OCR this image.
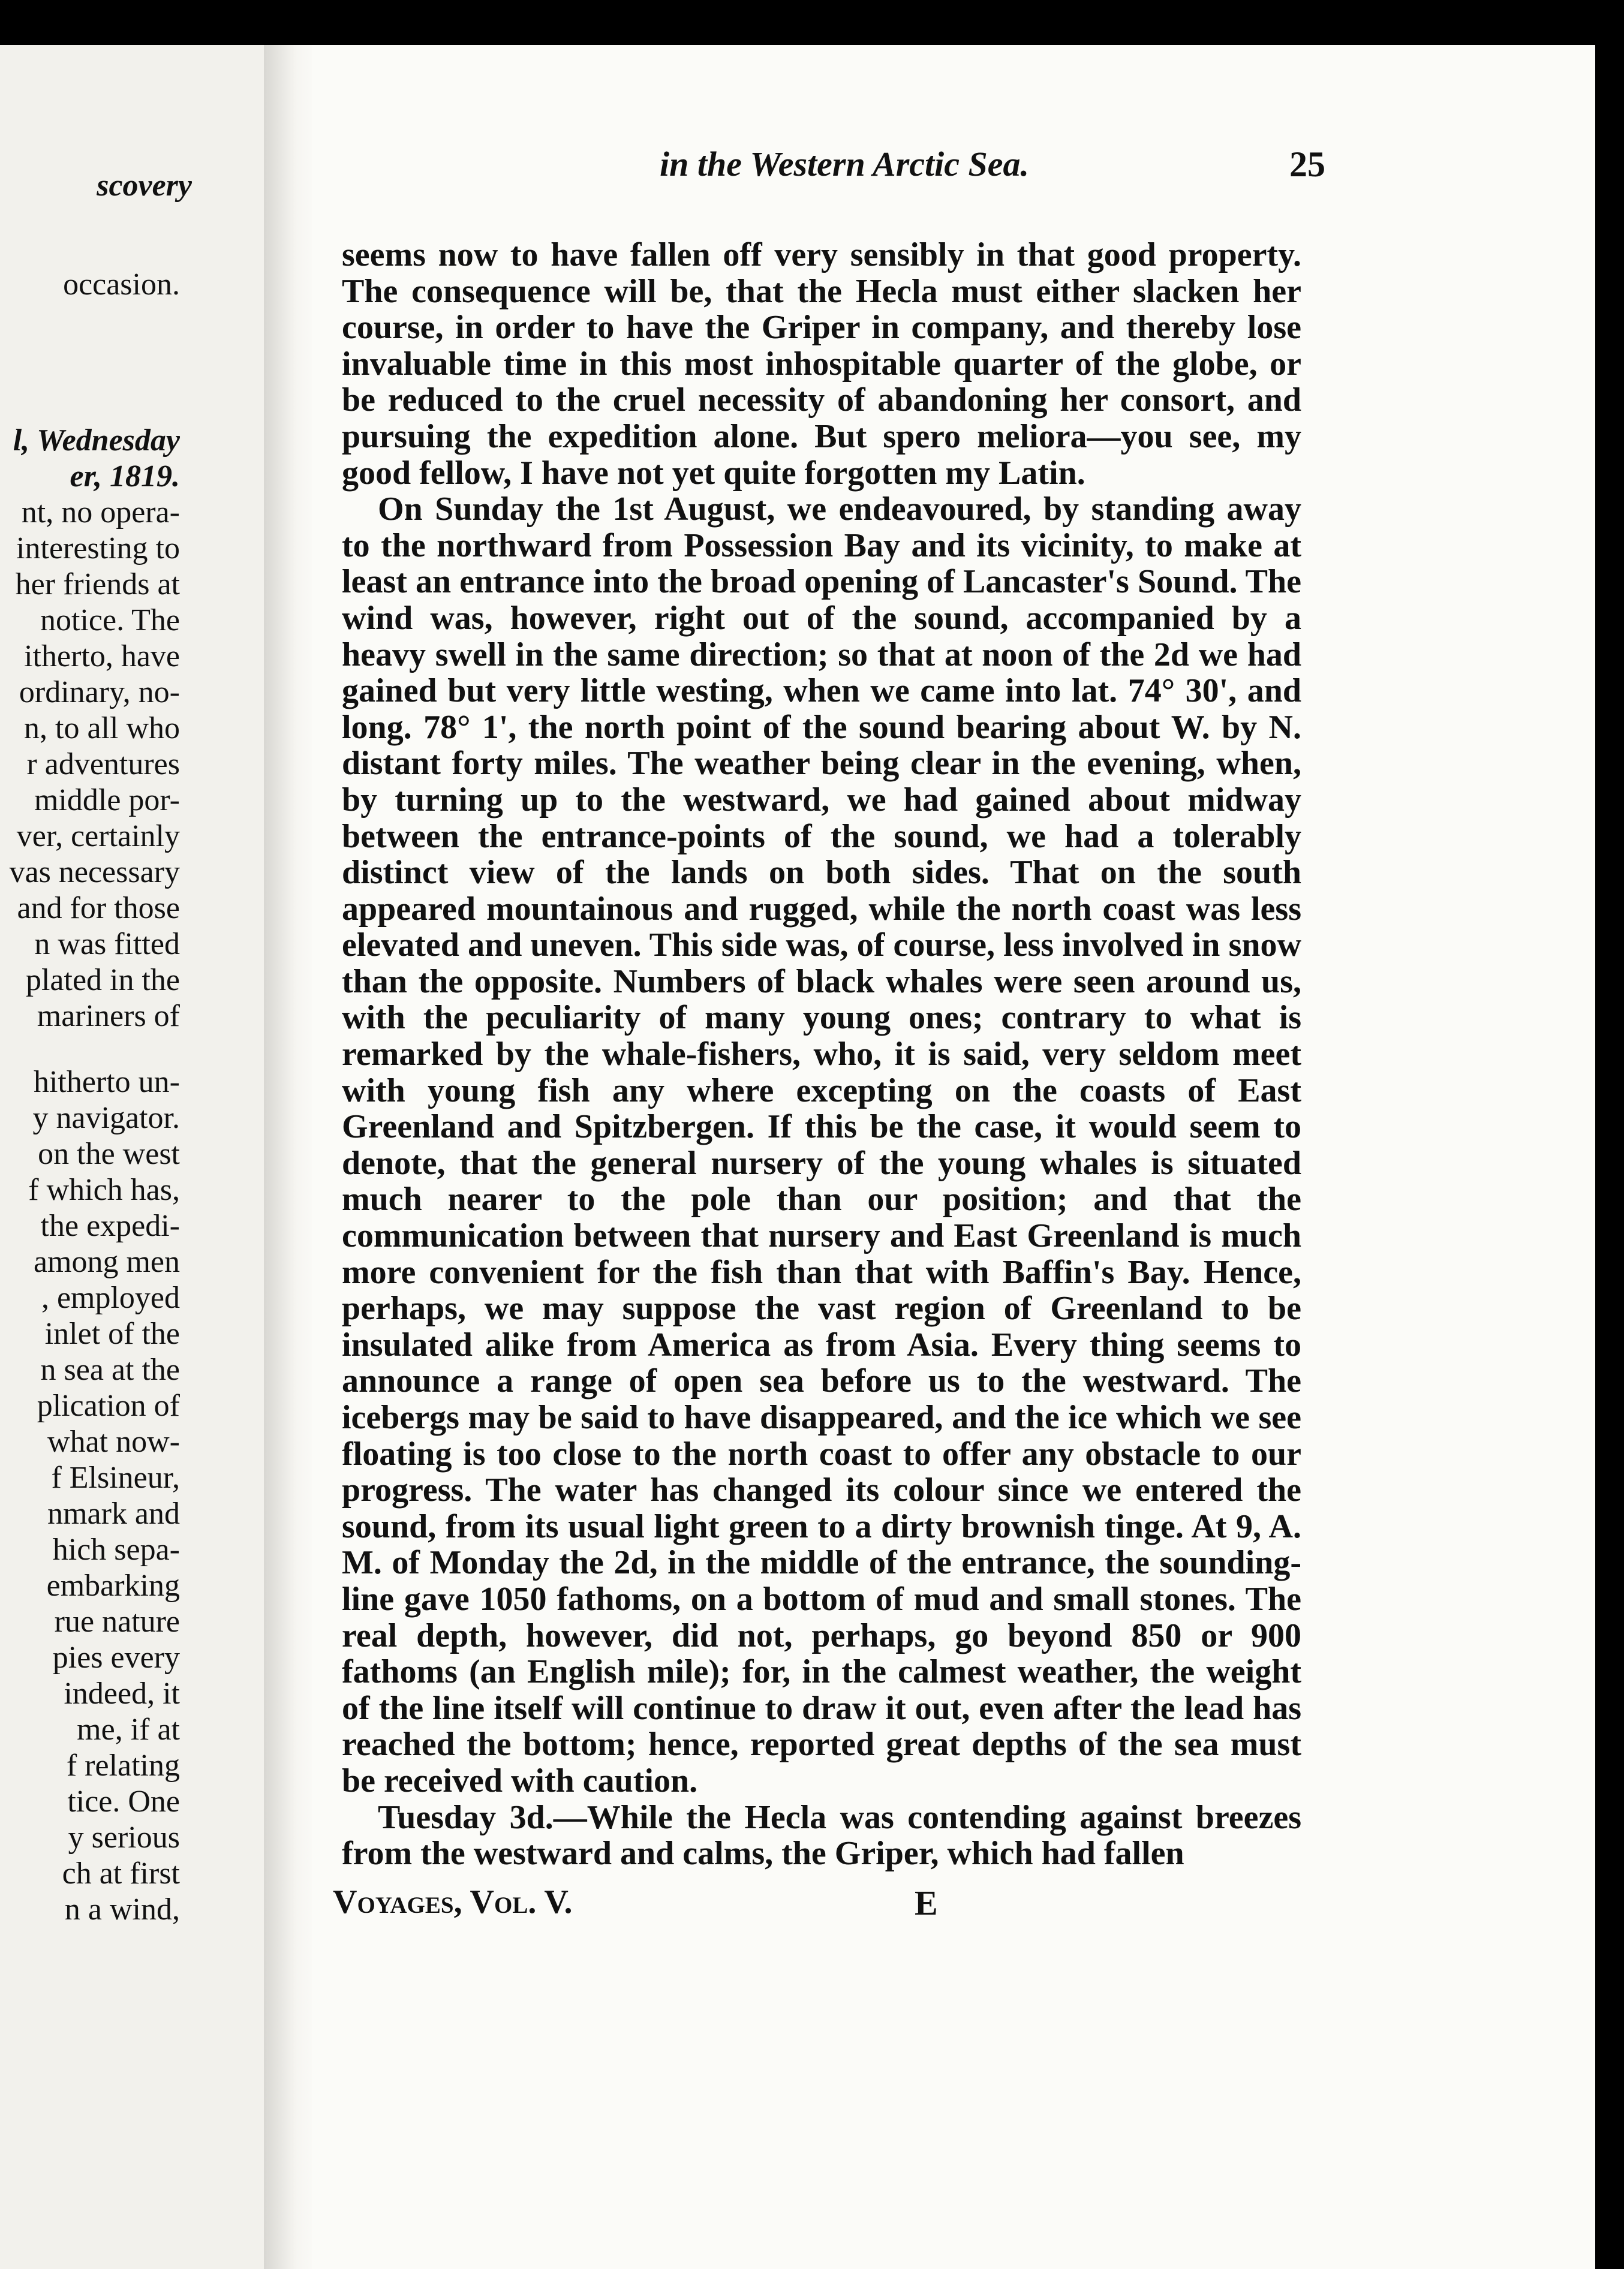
scovery
occasion.
l, Wednesday
er, 1819.
nt, no opera-
interesting to
her friends at
notice. The
itherto, have
ordinary, no-
n, to all who
r adventures
middle por-
ver, certainly
vas necessary
and for those
n was fitted
plated in the
mariners of
hitherto un-
y navigator.
on the west
f which has,
the expedi-
among men
, employed
inlet of the
n sea at the
plication of
what now-
f Elsineur,
nmark and
hich sepa-
embarking
rue nature
pies every
indeed, it
me, if at
f relating
tice. One
y serious
ch at first
n a wind,
in the Western Arctic Sea.	25

seems now to have fallen off very sensibly in that good property. The consequence will be, that the Hecla must either slacken her course, in order to have the Griper in company, and thereby lose invaluable time in this most inhospitable quarter of the globe, or be reduced to the cruel necessity of abandoning her consort, and pursuing the expedition alone. But spero meliora—you see, my good fellow, I have not yet quite forgotten my Latin.

On Sunday the 1st August, we endeavoured, by standing away to the northward from Possession Bay and its vicinity, to make at least an entrance into the broad opening of Lancaster's Sound. The wind was, however, right out of the sound, accompanied by a heavy swell in the same direction; so that at noon of the 2d we had gained but very little westing, when we came into lat. 74° 30', and long. 78° 1', the north point of the sound bearing about W. by N. distant forty miles. The weather being clear in the evening, when, by turning up to the westward, we had gained about midway between the entrance-points of the sound, we had a tolerably distinct view of the lands on both sides. That on the south appeared mountainous and rugged, while the north coast was less elevated and uneven. This side was, of course, less involved in snow than the opposite. Numbers of black whales were seen around us, with the peculiarity of many young ones; contrary to what is remarked by the whale-fishers, who, it is said, very seldom meet with young fish any where excepting on the coasts of East Greenland and Spitzbergen. If this be the case, it would seem to denote, that the general nursery of the young whales is situated much nearer to the pole than our position; and that the communication between that nursery and East Greenland is much more convenient for the fish than that with Baffin's Bay. Hence, perhaps, we may suppose the vast region of Greenland to be insulated alike from America as from Asia. Every thing seems to announce a range of open sea before us to the westward. The icebergs may be said to have disappeared, and the ice which we see floating is too close to the north coast to offer any obstacle to our progress. The water has changed its colour since we entered the sound, from its usual light green to a dirty brownish tinge. At 9, A. M. of Monday the 2d, in the middle of the entrance, the sounding-line gave 1050 fathoms, on a bottom of mud and small stones. The real depth, however, did not, perhaps, go beyond 850 or 900 fathoms (an English mile); for, in the calmest weather, the weight of the line itself will continue to draw it out, even after the lead has reached the bottom; hence, reported great depths of the sea must be received with caution.

Tuesday 3d.—While the Hecla was contending against breezes from the westward and calms, the Griper, which had fallen

Voyages, Vol. V.	E
